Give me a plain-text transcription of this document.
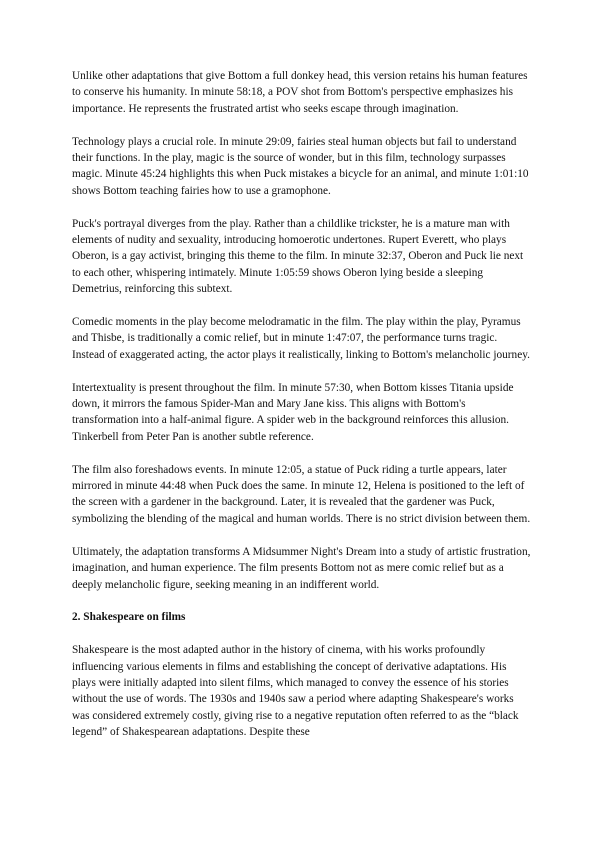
Unlike other adaptations that give Bottom a full donkey head, this version retains his human features to conserve his humanity. In minute 58:18, a POV shot from Bottom's perspective emphasizes his importance. He represents the frustrated artist who seeks escape through imagination.

Technology plays a crucial role. In minute 29:09, fairies steal human objects but fail to understand their functions. In the play, magic is the source of wonder, but in this film, technology surpasses magic. Minute 45:24 highlights this when Puck mistakes a bicycle for an animal, and minute 1:01:10 shows Bottom teaching fairies how to use a gramophone.

Puck's portrayal diverges from the play. Rather than a childlike trickster, he is a mature man with elements of nudity and sexuality, introducing homoerotic undertones. Rupert Everett, who plays Oberon, is a gay activist, bringing this theme to the film. In minute 32:37, Oberon and Puck lie next to each other, whispering intimately. Minute 1:05:59 shows Oberon lying beside a sleeping Demetrius, reinforcing this subtext.

Comedic moments in the play become melodramatic in the film. The play within the play, Pyramus and Thisbe, is traditionally a comic relief, but in minute 1:47:07, the performance turns tragic. Instead of exaggerated acting, the actor plays it realistically, linking to Bottom's melancholic journey.

Intertextuality is present throughout the film. In minute 57:30, when Bottom kisses Titania upside down, it mirrors the famous Spider-Man and Mary Jane kiss. This aligns with Bottom's transformation into a half-animal figure. A spider web in the background reinforces this allusion. Tinkerbell from Peter Pan is another subtle reference.

The film also foreshadows events. In minute 12:05, a statue of Puck riding a turtle appears, later mirrored in minute 44:48 when Puck does the same. In minute 12, Helena is positioned to the left of the screen with a gardener in the background. Later, it is revealed that the gardener was Puck, symbolizing the blending of the magical and human worlds. There is no strict division between them.

Ultimately, the adaptation transforms A Midsummer Night's Dream into a study of artistic frustration, imagination, and human experience. The film presents Bottom not as mere comic relief but as a deeply melancholic figure, seeking meaning in an indifferent world.

2. Shakespeare on films

Shakespeare is the most adapted author in the history of cinema, with his works profoundly influencing various elements in films and establishing the concept of derivative adaptations. His plays were initially adapted into silent films, which managed to convey the essence of his stories without the use of words. The 1930s and 1940s saw a period where adapting Shakespeare's works was considered extremely costly, giving rise to a negative reputation often referred to as the “black legend” of Shakespearean adaptations. Despite these
